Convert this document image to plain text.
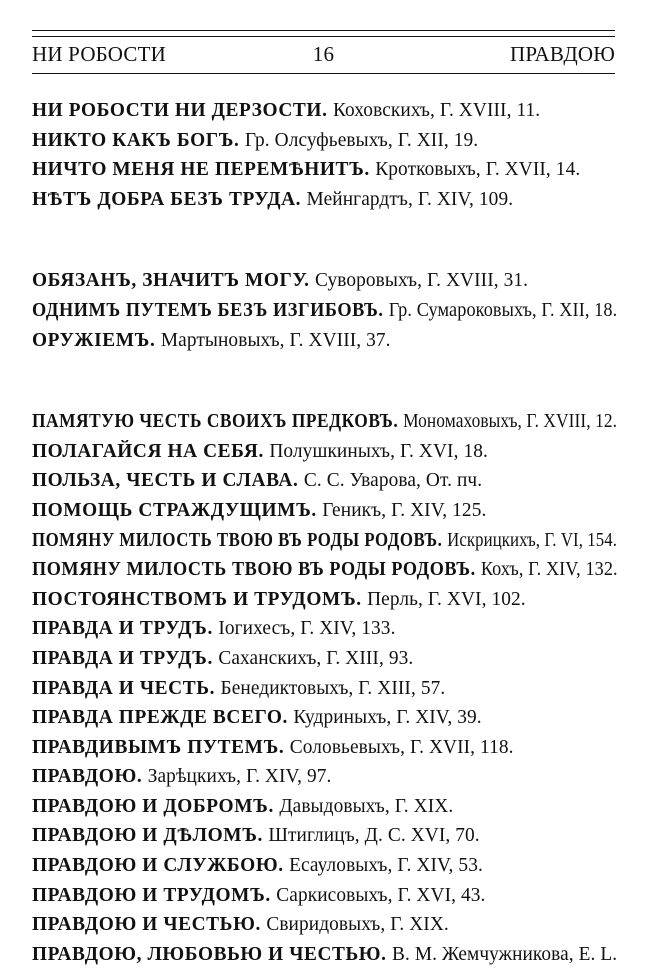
НИ РОБОСТИ	16	ПРАВДОЮ
НИ РОБОСТИ НИ ДЕРЗОСТИ. Коховскихъ, Г. XVIII, 11.
НИКТО КАКЪ БОГЪ. Гр. Олсуфьевыхъ, Г. XII, 19.
НИЧТО МЕНЯ НЕ ПЕРЕМѢНИТЪ. Кротковыхъ, Г. XVII, 14.
НѢТЪ ДОБРА БЕЗЪ ТРУДА. Мейнгардтъ, Г. XIV, 109.
ОБЯЗАНЪ, ЗНАЧИТЪ МОГУ. Суворовыхъ, Г. XVIII, 31.
ОДНИМЪ ПУТЕМЪ БЕЗЪ ИЗГИБОВЪ. Гр. Сумароковыхъ, Г. XII, 18.
ОРУЖІЕМЪ. Мартыновыхъ, Г. XVIII, 37.
ПАМЯТУЮ ЧЕСТЬ СВОИХЪ ПРЕДКОВЪ. Мономаховыхъ, Г. XVIII, 12.
ПОЛАГАЙСЯ НА СЕБЯ. Полушкиныхъ, Г. XVI, 18.
ПОЛЬЗА, ЧЕСТЬ И СЛАВА. С. С. Уварова, От. пч.
ПОМОЩЬ СТРАЖДУЩИМЪ. Геникъ, Г. XIV, 125.
ПОМЯНУ МИЛОСТЬ ТВОЮ ВЪ РОДЫ РОДОВЪ. Искрицкихъ, Г. VI, 154.
ПОМЯНУ МИЛОСТЬ ТВОЮ ВЪ РОДЫ РОДОВЪ. Кохъ, Г. XIV, 132.
ПОСТОЯНСТВОМЪ И ТРУДОМЪ. Перль, Г. XVI, 102.
ПРАВДА И ТРУДЪ. Іогихесъ, Г. XIV, 133.
ПРАВДА И ТРУДЪ. Саханскихъ, Г. XIII, 93.
ПРАВДА И ЧЕСТЬ. Бенедиктовыхъ, Г. XIII, 57.
ПРАВДА ПРЕЖДЕ ВСЕГО. Кудриныхъ, Г. XIV, 39.
ПРАВДИВЫМЪ ПУТЕМЪ. Соловьевыхъ, Г. XVII, 118.
ПРАВДОЮ. Зарѣцкихъ, Г. XIV, 97.
ПРАВДОЮ И ДОБРОМЪ. Давыдовыхъ, Г. XIX.
ПРАВДОЮ И ДѢЛОМЪ. Штиглицъ, Д. С. XVI, 70.
ПРАВДОЮ И СЛУЖБОЮ. Есауловыхъ, Г. XIV, 53.
ПРАВДОЮ И ТРУДОМЪ. Саркисовыхъ, Г. XVI, 43.
ПРАВДОЮ И ЧЕСТЬЮ. Свиридовыхъ, Г. XIX.
ПРАВДОЮ, ЛЮБОВЬЮ И ЧЕСТЬЮ. В. М. Жемчужникова, Е. L.
